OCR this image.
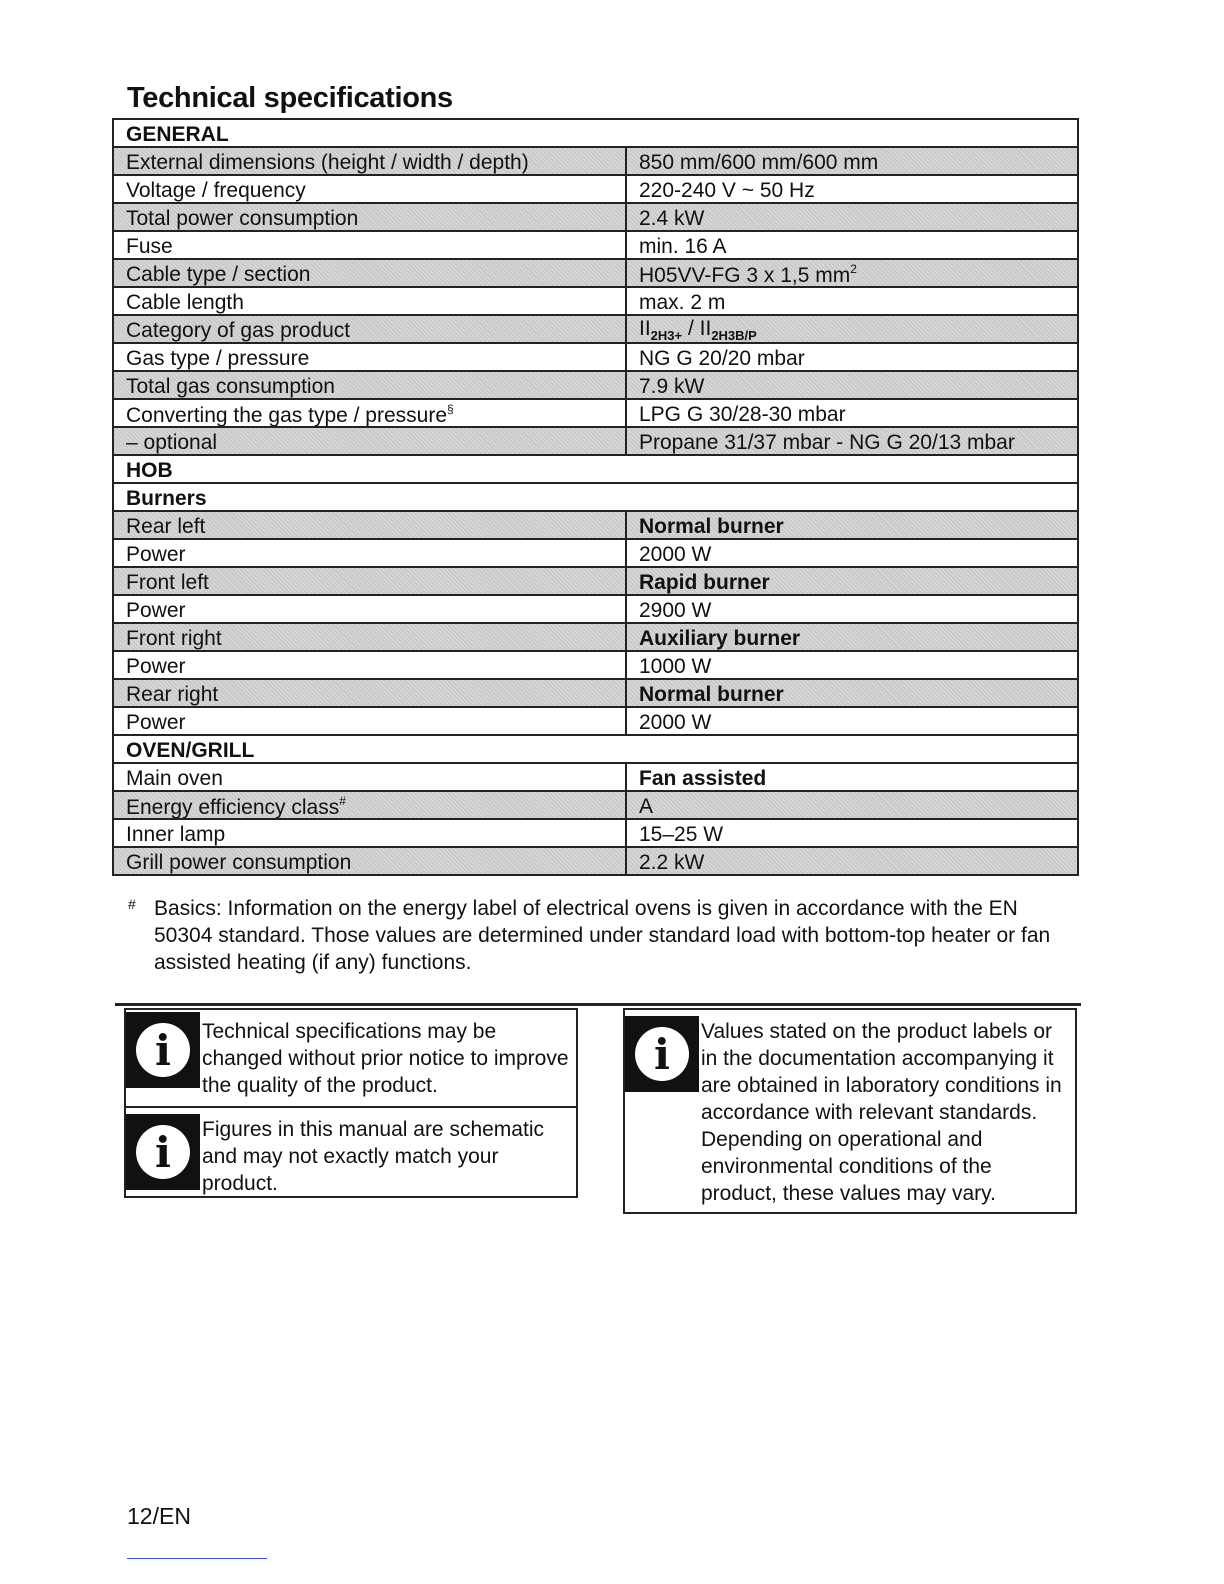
Technical specifications
GENERAL	
External dimensions (height / width / depth)	850 mm/600 mm/600 mm
Voltage / frequency	220-240 V ~ 50 Hz
Total power consumption	2.4 kW
Fuse	min. 16 A
Cable type / section	H05VV-FG 3 x 1,5 $mm^2$
Cable length	max. 2 m
Category of gas product	$II_{2H3+} / II_{2H3B/P}$
Gas type / pressure	NG G 20/20 mbar
Total gas consumption	7.9 kW
Converting the gas type / pressure§	LPG G 30/28-30 mbar
– optional	Propane 31/37 mbar - NG G 20/13 mbar
HOB	
Burners	
Rear left	Normal burner
Power	2000 W
Front left	Rapid burner
Power	2900 W
Front right	Auxiliary burner
Power	1000 W
Rear right	Normal burner
Power	2000 W
OVEN/GRILL	
Main oven	Fan assisted
Energy efficiency class#	A
Inner lamp	15–25 W
Grill power consumption	2.2 kW

# Basics: Information on the energy label of electrical ovens is given in accordance with the EN 50304 standard. Those values are determined under standard load with bottom-top heater or fan assisted heating (if any) functions.

i	Technical specifications may be changed without prior notice to improve the quality of the product.
i	Figures in this manual are schematic and may not exactly match your product.
i	Values stated on the product labels or in the documentation accompanying it are obtained in laboratory conditions in accordance with relevant standards. Depending on operational and environmental conditions of the product, these values may vary.
12/EN
